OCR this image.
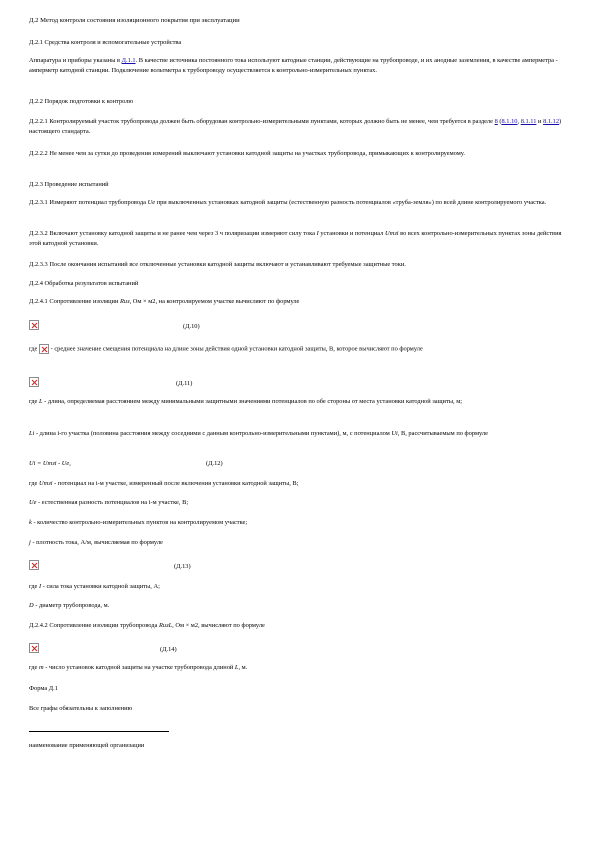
Д.2 Метод контроля состояния изоляционного покрытия при эксплуатации

Д.2.1 Средства контроля и вспомогательные устройства

Аппаратура и приборы указаны в Д.1.1. В качестве источника постоянного тока используют катодные станции, действующие на трубопроводе, и их анодные заземления, в качестве амперметра - амперметр катодной станции. Подключение вольтметра к трубопроводу осуществляется к контрольно-измерительных пунктах.

Д.2.2 Порядок подготовки к контролю

Д.2.2.1 Контролируемый участок трубопровода должен быть оборудован контрольно-измерительными пунктами, которых должно быть не менее, чем требуется в разделе 8 (8.1.10, 8.1.11 и 8.1.12) настоящего стандарта.

Д.2.2.2 Не менее чем за сутки до проведения измерений выключают установки катодной защиты на участках трубопровода, примыкающих к контролируемому.

Д.2.3 Проведение испытаний

Д.2.3.1 Измеряют потенциал трубопровода Uе при выключенных установках катодной защиты (естественную разность потенциалов «труба-земля») по всей длине контролируемого участка.

Д.2.3.2 Включают установку катодной защиты и не ранее чем через 3 ч поляризации измеряют силу тока I установки и потенциал Uтзi во всех контрольно-измерительных пунктах зоны действия этой катодной установки.

Д.2.3.3 После окончания испытаний все отключенные установки катодной защиты включают и устанавливают требуемые защитные токи.

Д.2.4 Обработка результатов испытаний

Д.2.4.1 Сопротивление изоляции Rиз, Ом × м2, на контролируемом участке вычисляют по формуле

(Д.10)

где  - среднее значение смещения потенциала на длине зоны действия одной установки катодной защиты, В, которое вычисляют по формуле

(Д.11)

где L - длина, определяемая расстоянием между минимальными защитными значениями потенциалов по обе стороны от места установки катодной защиты, м;

Li - длина i-го участка (половина расстояния между соседними с данным контрольно-измерительными пунктами), м, с потенциалом Ui, В, рассчитываемым по формуле

Ui = Uтзi - Uе,	(Д.12)

где Uтзi - потенциал на i-м участке, измеренный после включения установки катодной защиты, В;

Uе - естественная разность потенциалов на i-м участке, В;

k - количество контрольно-измерительных пунктов на контролируемом участке;

j - плотность тока, А/м, вычисляемая по формуле

(Д.13)

где I - сила тока установки катодной защиты, А;

D - диаметр трубопровода, м.

Д.2.4.2 Сопротивление изоляции трубопровода RизL, Ом × м2, вычисляют по формуле

(Д.14)

где m - число установок катодной защиты на участке трубопровода длиной L, м.

Форма Д.1

Все графы обязательны к заполнению

наименование применяющей организации
